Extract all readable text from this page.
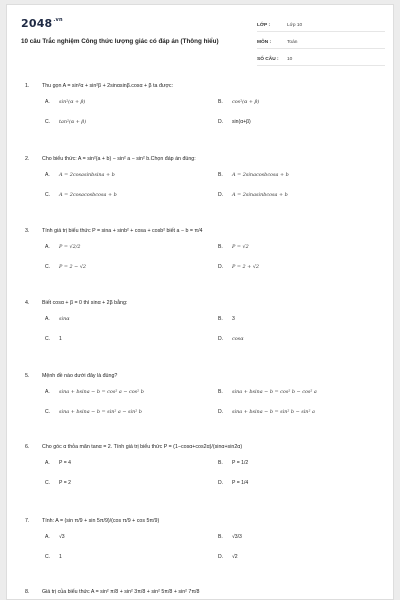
$2048^{.vn}$
10 câu Trắc nghiệm Công thức lượng giác có đáp án (Thông hiểu)
LỚP :	Lớp 10
MÔN :	Toán
SỐ CÂU :	10
1.	Thu gọn A = sin²α + sin²β + 2sinαsinβ.cosα + β ta được:
A.	sin²(α + β)	B.	cos²(α + β)
C.	tan²(α + β)	D.	sin(α+β)
2.	Cho biểu thức: A = sin²(a + b) − sin² a − sin² b.Chọn đáp án đúng:
A.	A = 2cosasinbsina + b	B.	A = 2sinacosbcosa + b
C.	A = 2cosacosbcosa + b	D.	A = 2sinasinbcosa + b
3.	Tính giá trị biểu thức P = sina + sinb² + cosa + cosb² biết a − b = π/4
A.	P = √2/2	B.	P = √2
C.	P = 2 − √2	D.	P = 2 + √2
4.	Biết cosα + β = 0 thì sinα + 2β bằng:
A.	sinα	B.	3
C.	1	D.	cosα
5.	Mệnh đề nào dưới đây là đúng?
A.	sina + bsina − b = cos² a − cos² b	B.	sina + bsina − b = cos² b − cos² a
C.	sina + bsina − b = sin² a − sin² b	D.	sina + bsina − b = sin² b − sin² a
6.	Cho góc α thỏa mãn tanα = 2. Tính giá trị biểu thức P = (1−cosα+cos2α)/(sinα+sin2α)
A.	P = 4	B.	P = 1/2
C.	P = 2	D.	P = 1/4
7.	Tính: A = (sin π/9 + sin 5π/9)/(cos π/9 + cos 5π/9)
A.	√3	B.	√3/3
C.	1	D.	√2
8.	Giá trị của biểu thức A = sin² π/8 + sin² 3π/8 + sin² 5π/8 + sin² 7π/8
